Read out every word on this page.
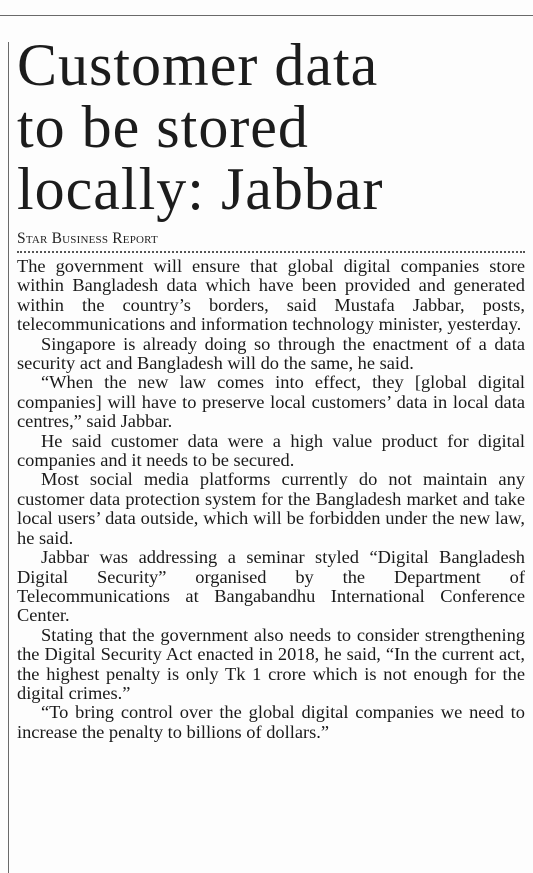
Customer data
to be stored
locally: Jabbar
Star Business Report

The government will ensure that global digital companies store within Bangladesh data which have been provided and generated within the country’s borders, said Mustafa Jabbar, posts, telecommunications and information technology minister, yesterday.

Singapore is already doing so through the enactment of a data security act and Bangladesh will do the same, he said.

“When the new law comes into effect, they [global digital companies] will have to preserve local customers’ data in local data centres,” said Jabbar.

He said customer data were a high value product for digital companies and it needs to be secured.

Most social media platforms currently do not maintain any customer data protection system for the Bangladesh market and take local users’ data outside, which will be forbidden under the new law, he said.

Jabbar was addressing a seminar styled “Digital Bangladesh Digital Security” organised by the Department of Telecommunications at Bangabandhu International Conference Center.

Stating that the government also needs to consider strengthening the Digital Security Act enacted in 2018, he said, “In the current act, the highest penalty is only Tk 1 crore which is not enough for the digital crimes.”

“To bring control over the global digital companies we need to increase the penalty to billions of dollars.”
